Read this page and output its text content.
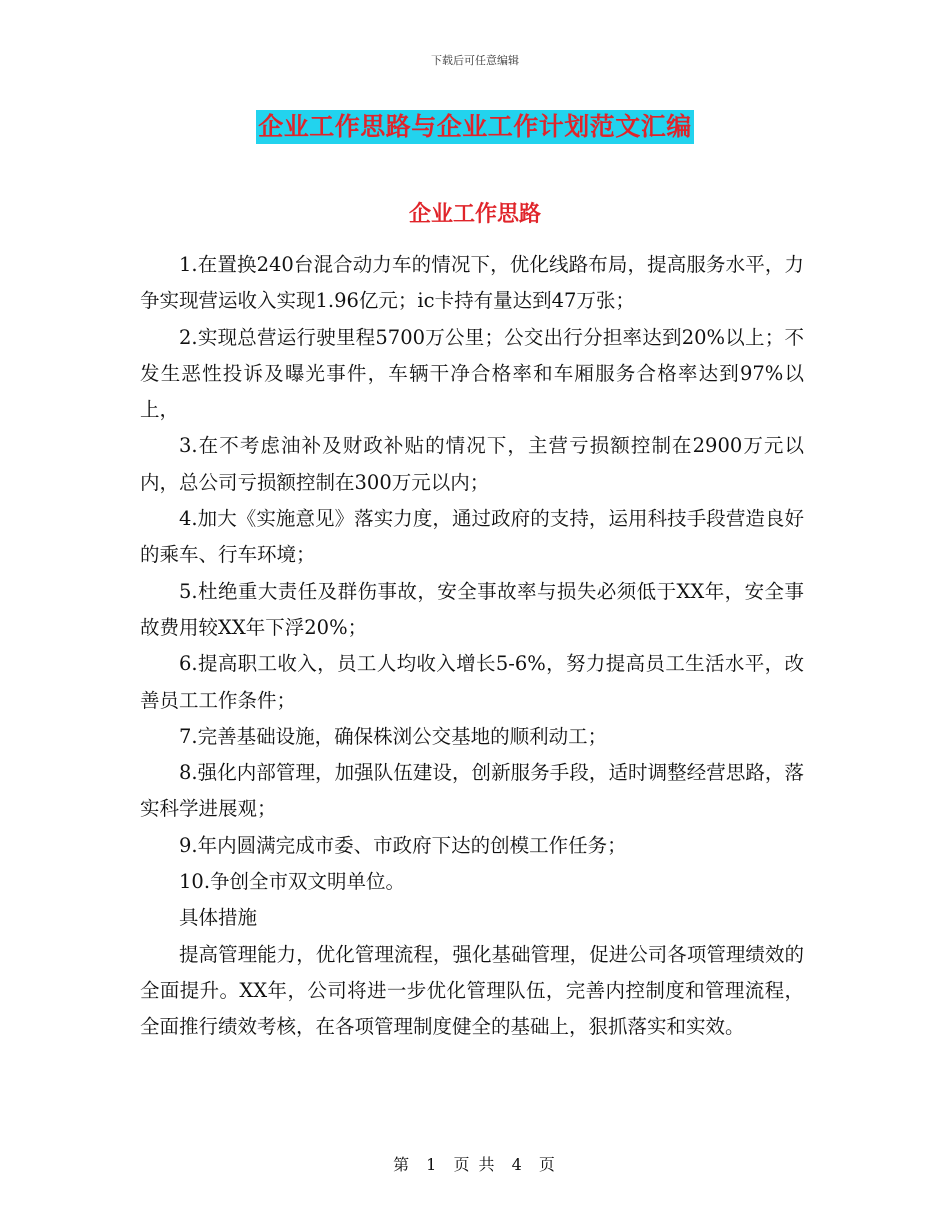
下载后可任意编辑
企业工作思路与企业工作计划范文汇编
企业工作思路

1.在置换240台混合动力车的情况下，优化线路布局，提高服务水平，力争实现营运收入实现1.96亿元；ic卡持有量达到47万张；

2.实现总营运行驶里程5700万公里；公交出行分担率达到20%以上；不发生恶性投诉及曝光事件，车辆干净合格率和车厢服务合格率达到97%以上，

3.在不考虑油补及财政补贴的情况下，主营亏损额控制在2900万元以内，总公司亏损额控制在300万元以内；

4.加大《实施意见》落实力度，通过政府的支持，运用科技手段营造良好的乘车、行车环境；

5.杜绝重大责任及群伤事故，安全事故率与损失必须低于XX年，安全事故费用较XX年下浮20%；

6.提高职工收入，员工人均收入增长5-6%，努力提高员工生活水平，改善员工工作条件；

7.完善基础设施，确保株浏公交基地的顺利动工；

8.强化内部管理，加强队伍建设，创新服务手段，适时调整经营思路，落实科学进展观；

9.年内圆满完成市委、市政府下达的创模工作任务；

10.争创全市双文明单位。

具体措施

提高管理能力，优化管理流程，强化基础管理，促进公司各项管理绩效的全面提升。XX年，公司将进一步优化管理队伍，完善内控制度和管理流程，全面推行绩效考核，在各项管理制度健全的基础上，狠抓落实和实效。

第 1 页 共 4 页
